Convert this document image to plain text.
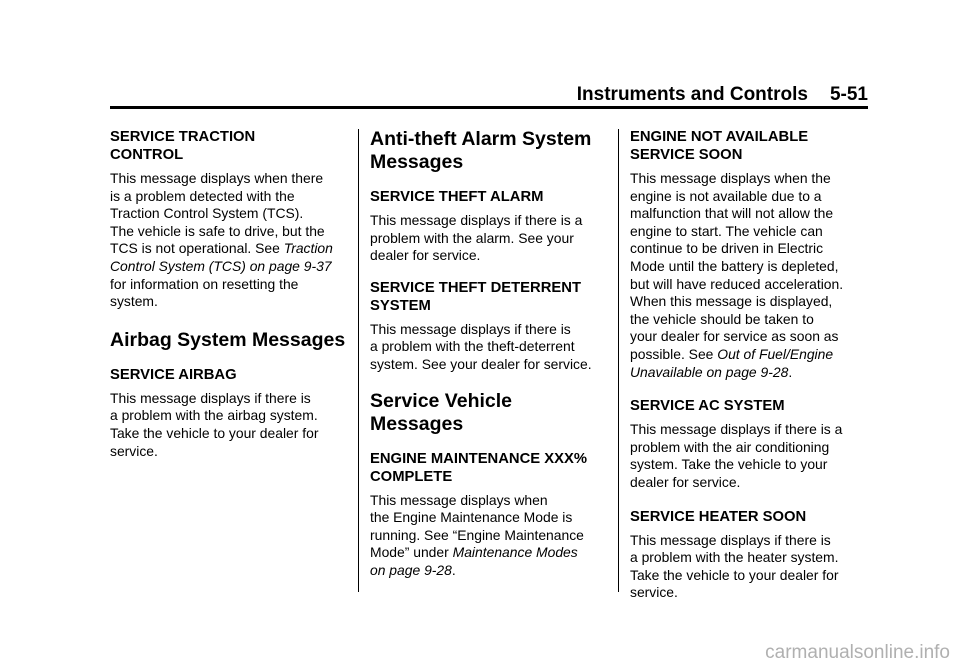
Instruments and Controls 5-51
SERVICE TRACTION
CONTROL

This message displays when there
is a problem detected with the
Traction Control System (TCS).
The vehicle is safe to drive, but the
TCS is not operational. See Traction
Control System (TCS) on page 9-37
for information on resetting the
system.

Airbag System Messages
SERVICE AIRBAG

This message displays if there is
a problem with the airbag system.
Take the vehicle to your dealer for
service.

Anti-theft Alarm System
Messages
SERVICE THEFT ALARM

This message displays if there is a
problem with the alarm. See your
dealer for service.

SERVICE THEFT DETERRENT
SYSTEM

This message displays if there is
a problem with the theft-deterrent
system. See your dealer for service.

Service Vehicle Messages
ENGINE MAINTENANCE XXX%
COMPLETE

This message displays when
the Engine Maintenance Mode is
running. See “Engine Maintenance
Mode” under Maintenance Modes
on page 9-28.

ENGINE NOT AVAILABLE
SERVICE SOON

This message displays when the
engine is not available due to a
malfunction that will not allow the
engine to start. The vehicle can
continue to be driven in Electric
Mode until the battery is depleted,
but will have reduced acceleration.
When this message is displayed,
the vehicle should be taken to
your dealer for service as soon as
possible. See Out of Fuel/Engine
Unavailable on page 9-28.

SERVICE AC SYSTEM

This message displays if there is a
problem with the air conditioning
system. Take the vehicle to your
dealer for service.

SERVICE HEATER SOON

This message displays if there is
a problem with the heater system.
Take the vehicle to your dealer for
service.

carmanualsonline.info
